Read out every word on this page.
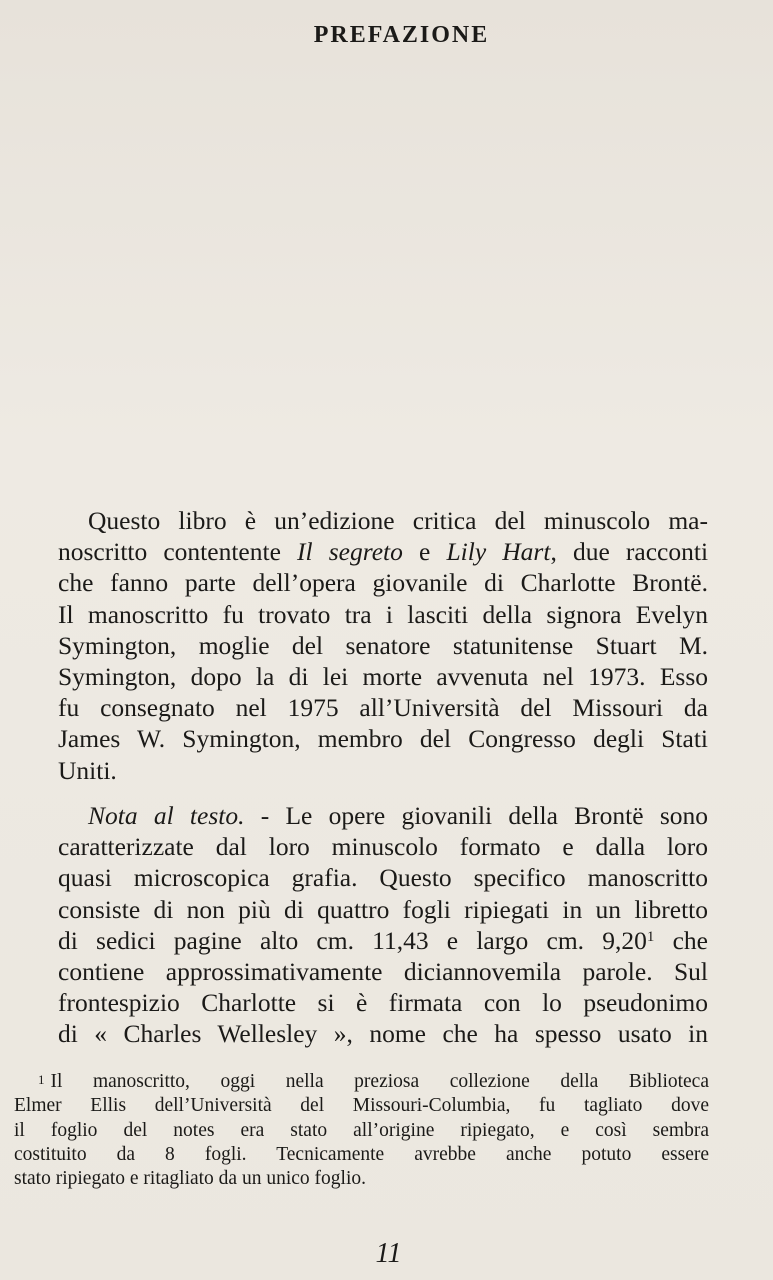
PREFAZIONE
Questo libro è un’edizione critica del minuscolo ma-
noscritto contentente Il segreto e Lily Hart, due racconti
che fanno parte dell’opera giovanile di Charlotte Brontë.
Il manoscritto fu trovato tra i lasciti della signora Evelyn
Symington, moglie del senatore statunitense Stuart M.
Symington, dopo la di lei morte avvenuta nel 1973. Esso
fu consegnato nel 1975 all’Università del Missouri da
James W. Symington, membro del Congresso degli Stati
Uniti.
Nota al testo. - Le opere giovanili della Brontë sono
caratterizzate dal loro minuscolo formato e dalla loro
quasi microscopica grafia. Questo specifico manoscritto
consiste di non più di quattro fogli ripiegati in un libretto
di sedici pagine alto cm. 11,43 e largo cm. 9,20$^1$ che
contiene approssimativamente diciannovemila parole. Sul
frontespizio Charlotte si è firmata con lo pseudonimo
di « Charles Wellesley », nome che ha spesso usato in
$^1$ Il manoscritto, oggi nella preziosa collezione della Biblioteca
Elmer Ellis dell’Università del Missouri-Columbia, fu tagliato dove
il foglio del notes era stato all’origine ripiegato, e così sembra
costituito da 8 fogli. Tecnicamente avrebbe anche potuto essere
stato ripiegato e ritagliato da un unico foglio.
11
